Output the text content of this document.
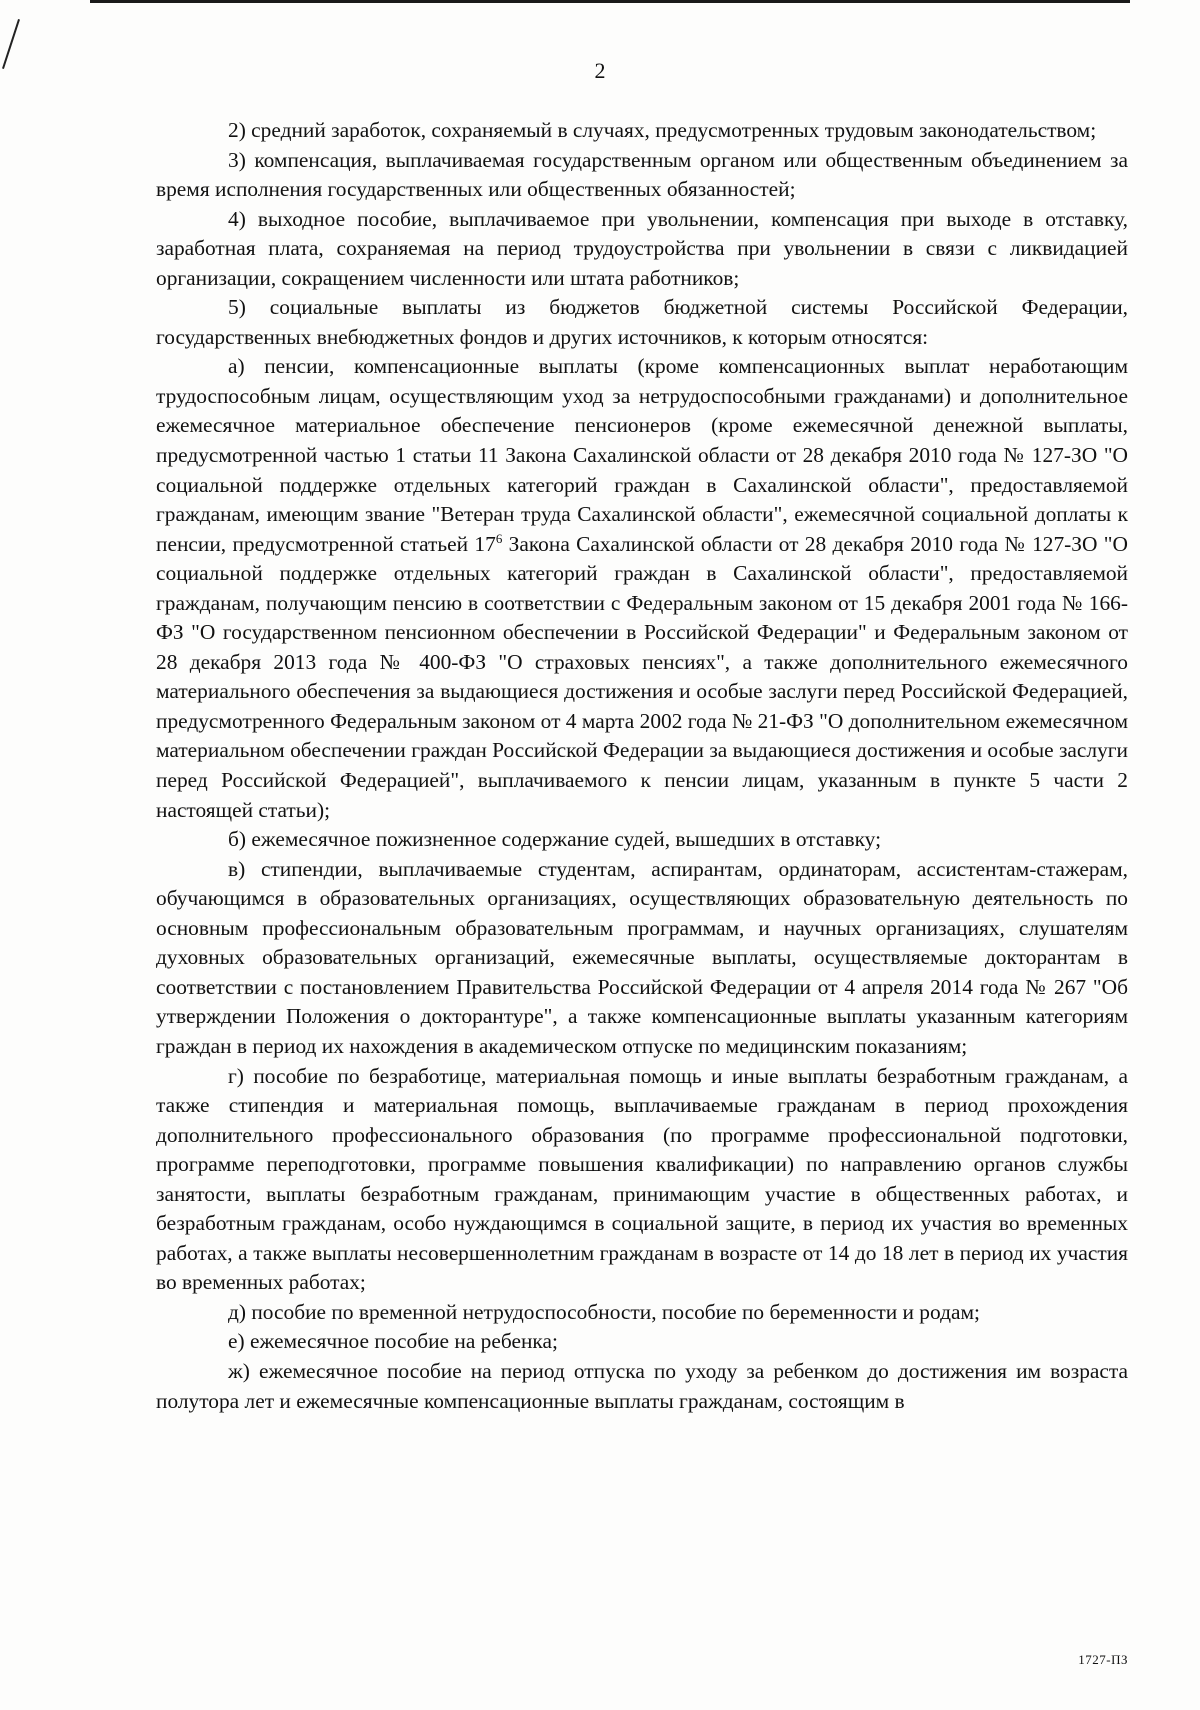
2

2) средний заработок, сохраняемый в случаях, предусмотренных трудовым законодательством;

3) компенсация, выплачиваемая государственным органом или общественным объединением за время исполнения государственных или общественных обязанностей;

4) выходное пособие, выплачиваемое при увольнении, компенсация при выходе в отставку, заработная плата, сохраняемая на период трудоустройства при увольнении в связи с ликвидацией организации, сокращением численности или штата работников;

5) социальные выплаты из бюджетов бюджетной системы Российской Федерации, государственных внебюджетных фондов и других источников, к которым относятся:

а) пенсии, компенсационные выплаты (кроме компенсационных выплат неработающим трудоспособным лицам, осуществляющим уход за нетрудоспособными гражданами) и дополнительное ежемесячное материальное обеспечение пенсионеров (кроме ежемесячной денежной выплаты, предусмотренной частью 1 статьи 11 Закона Сахалинской области от 28 декабря 2010 года № 127-ЗО "О социальной поддержке отдельных категорий граждан в Сахалинской области", предоставляемой гражданам, имеющим звание "Ветеран труда Сахалинской области", ежемесячной социальной доплаты к пенсии, предусмотренной статьей $17^6$ Закона Сахалинской области от 28 декабря 2010 года № 127-ЗО "О социальной поддержке отдельных категорий граждан в Сахалинской области", предоставляемой гражданам, получающим пенсию в соответствии с Федеральным законом от 15 декабря 2001 года № 166-ФЗ "О государственном пенсионном обеспечении в Российской Федерации" и Федеральным законом от 28 декабря 2013 года № 400-ФЗ "О страховых пенсиях", а также дополнительного ежемесячного материального обеспечения за выдающиеся достижения и особые заслуги перед Российской Федерацией, предусмотренного Федеральным законом от 4 марта 2002 года № 21-ФЗ "О дополнительном ежемесячном материальном обеспечении граждан Российской Федерации за выдающиеся достижения и особые заслуги перед Российской Федерацией", выплачиваемого к пенсии лицам, указанным в пункте 5 части 2 настоящей статьи);

б) ежемесячное пожизненное содержание судей, вышедших в отставку;

в) стипендии, выплачиваемые студентам, аспирантам, ординаторам, ассистентам-стажерам, обучающимся в образовательных организациях, осуществляющих образовательную деятельность по основным профессиональным образовательным программам, и научных организациях, слушателям духовных образовательных организаций, ежемесячные выплаты, осуществляемые докторантам в соответствии с постановлением Правительства Российской Федерации от 4 апреля 2014 года № 267 "Об утверждении Положения о докторантуре", а также компенсационные выплаты указанным категориям граждан в период их нахождения в академическом отпуске по медицинским показаниям;

г) пособие по безработице, материальная помощь и иные выплаты безработным гражданам, а также стипендия и материальная помощь, выплачиваемые гражданам в период прохождения дополнительного профессионального образования (по программе профессиональной подготовки, программе переподготовки, программе повышения квалификации) по направлению органов службы занятости, выплаты безработным гражданам, принимающим участие в общественных работах, и безработным гражданам, особо нуждающимся в социальной защите, в период их участия во временных работах, а также выплаты несовершеннолетним гражданам в возрасте от 14 до 18 лет в период их участия во временных работах;

д) пособие по временной нетрудоспособности, пособие по беременности и родам;

е) ежемесячное пособие на ребенка;

ж) ежемесячное пособие на период отпуска по уходу за ребенком до достижения им возраста полутора лет и ежемесячные компенсационные выплаты гражданам, состоящим в

1727-ПЗ
